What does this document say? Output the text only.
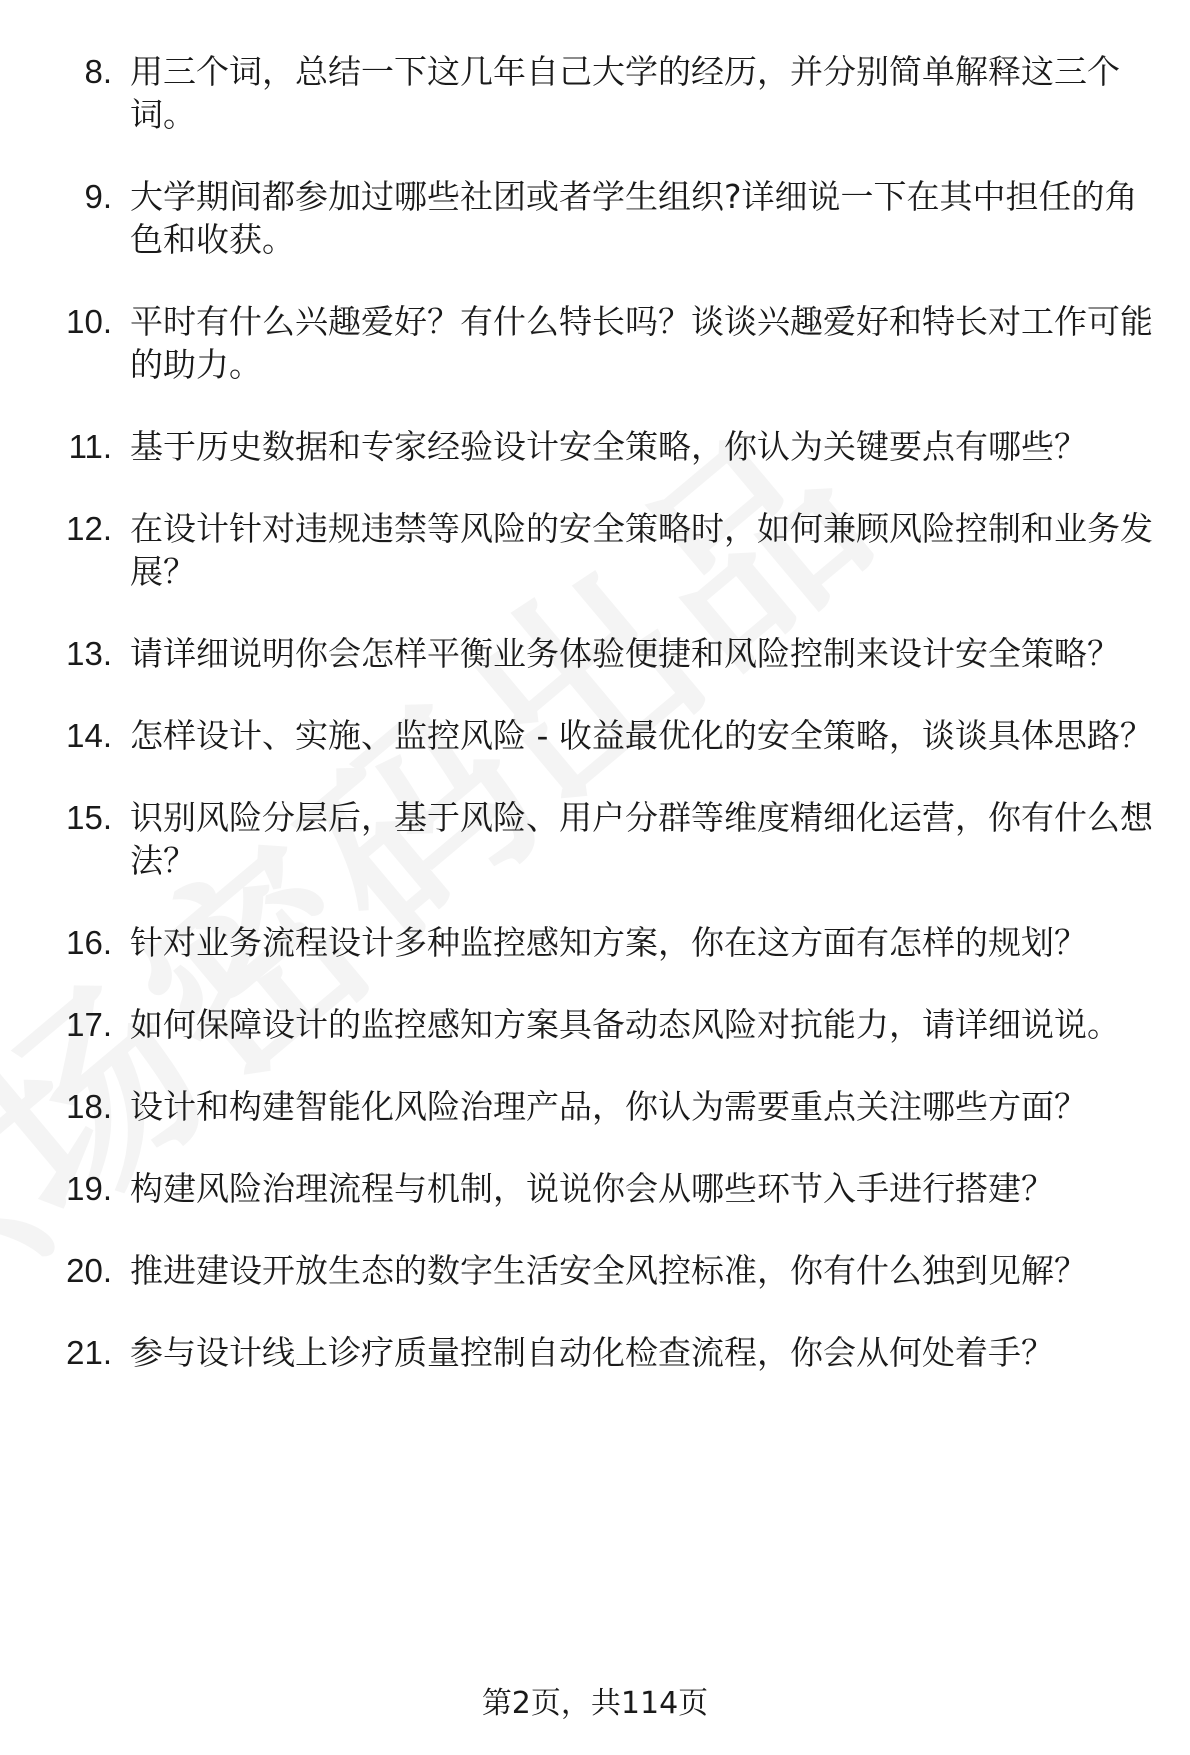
8. 用三个词，总结一下这几年自己大学的经历，并分别简单解释这三个词。
9. 大学期间都参加过哪些社团或者学生组织?详细说一下在其中担任的角色和收获。
10. 平时有什么兴趣爱好？有什么特长吗？谈谈兴趣爱好和特长对工作可能的助力。
11. 基于历史数据和专家经验设计安全策略，你认为关键要点有哪些？
12. 在设计针对违规违禁等风险的安全策略时，如何兼顾风险控制和业务发展？
13. 请详细说明你会怎样平衡业务体验便捷和风险控制来设计安全策略？
14. 怎样设计、实施、监控风险 - 收益最优化的安全策略，谈谈具体思路？
15. 识别风险分层后，基于风险、用户分群等维度精细化运营，你有什么想法？
16. 针对业务流程设计多种监控感知方案，你在这方面有怎样的规划？
17. 如何保障设计的监控感知方案具备动态风险对抗能力，请详细说说。
18. 设计和构建智能化风险治理产品，你认为需要重点关注哪些方面？
19. 构建风险治理流程与机制，说说你会从哪些环节入手进行搭建？
20. 推进建设开放生态的数字生活安全风控标准，你有什么独到见解？
21. 参与设计线上诊疗质量控制自动化检查流程，你会从何处着手？
第2页，共114页
